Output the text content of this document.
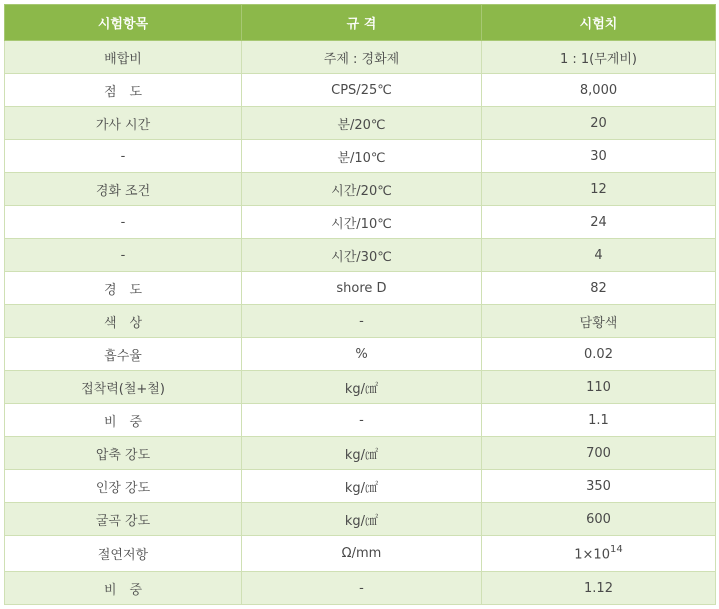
시험항목	규 격	시험치
배합비	주제 : 경화제	1 : 1(무게비)
점　도	CPS/25℃	8,000
가사 시간	분/20℃	20
-	분/10℃	30
경화 조건	시간/20℃	12
-	시간/10℃	24
-	시간/30℃	4
경　도	shore D	82
색　상	-	담황색
흡수율	%	0.02
접착력(철+철)	kg/㎠	110
비　중	-	1.1
압축 강도	kg/㎠	700
인장 강도	kg/㎠	350
굴곡 강도	kg/㎠	600
절연저항	Ω/mm	$1\times 10^{14}$
비　중	-	1.12
